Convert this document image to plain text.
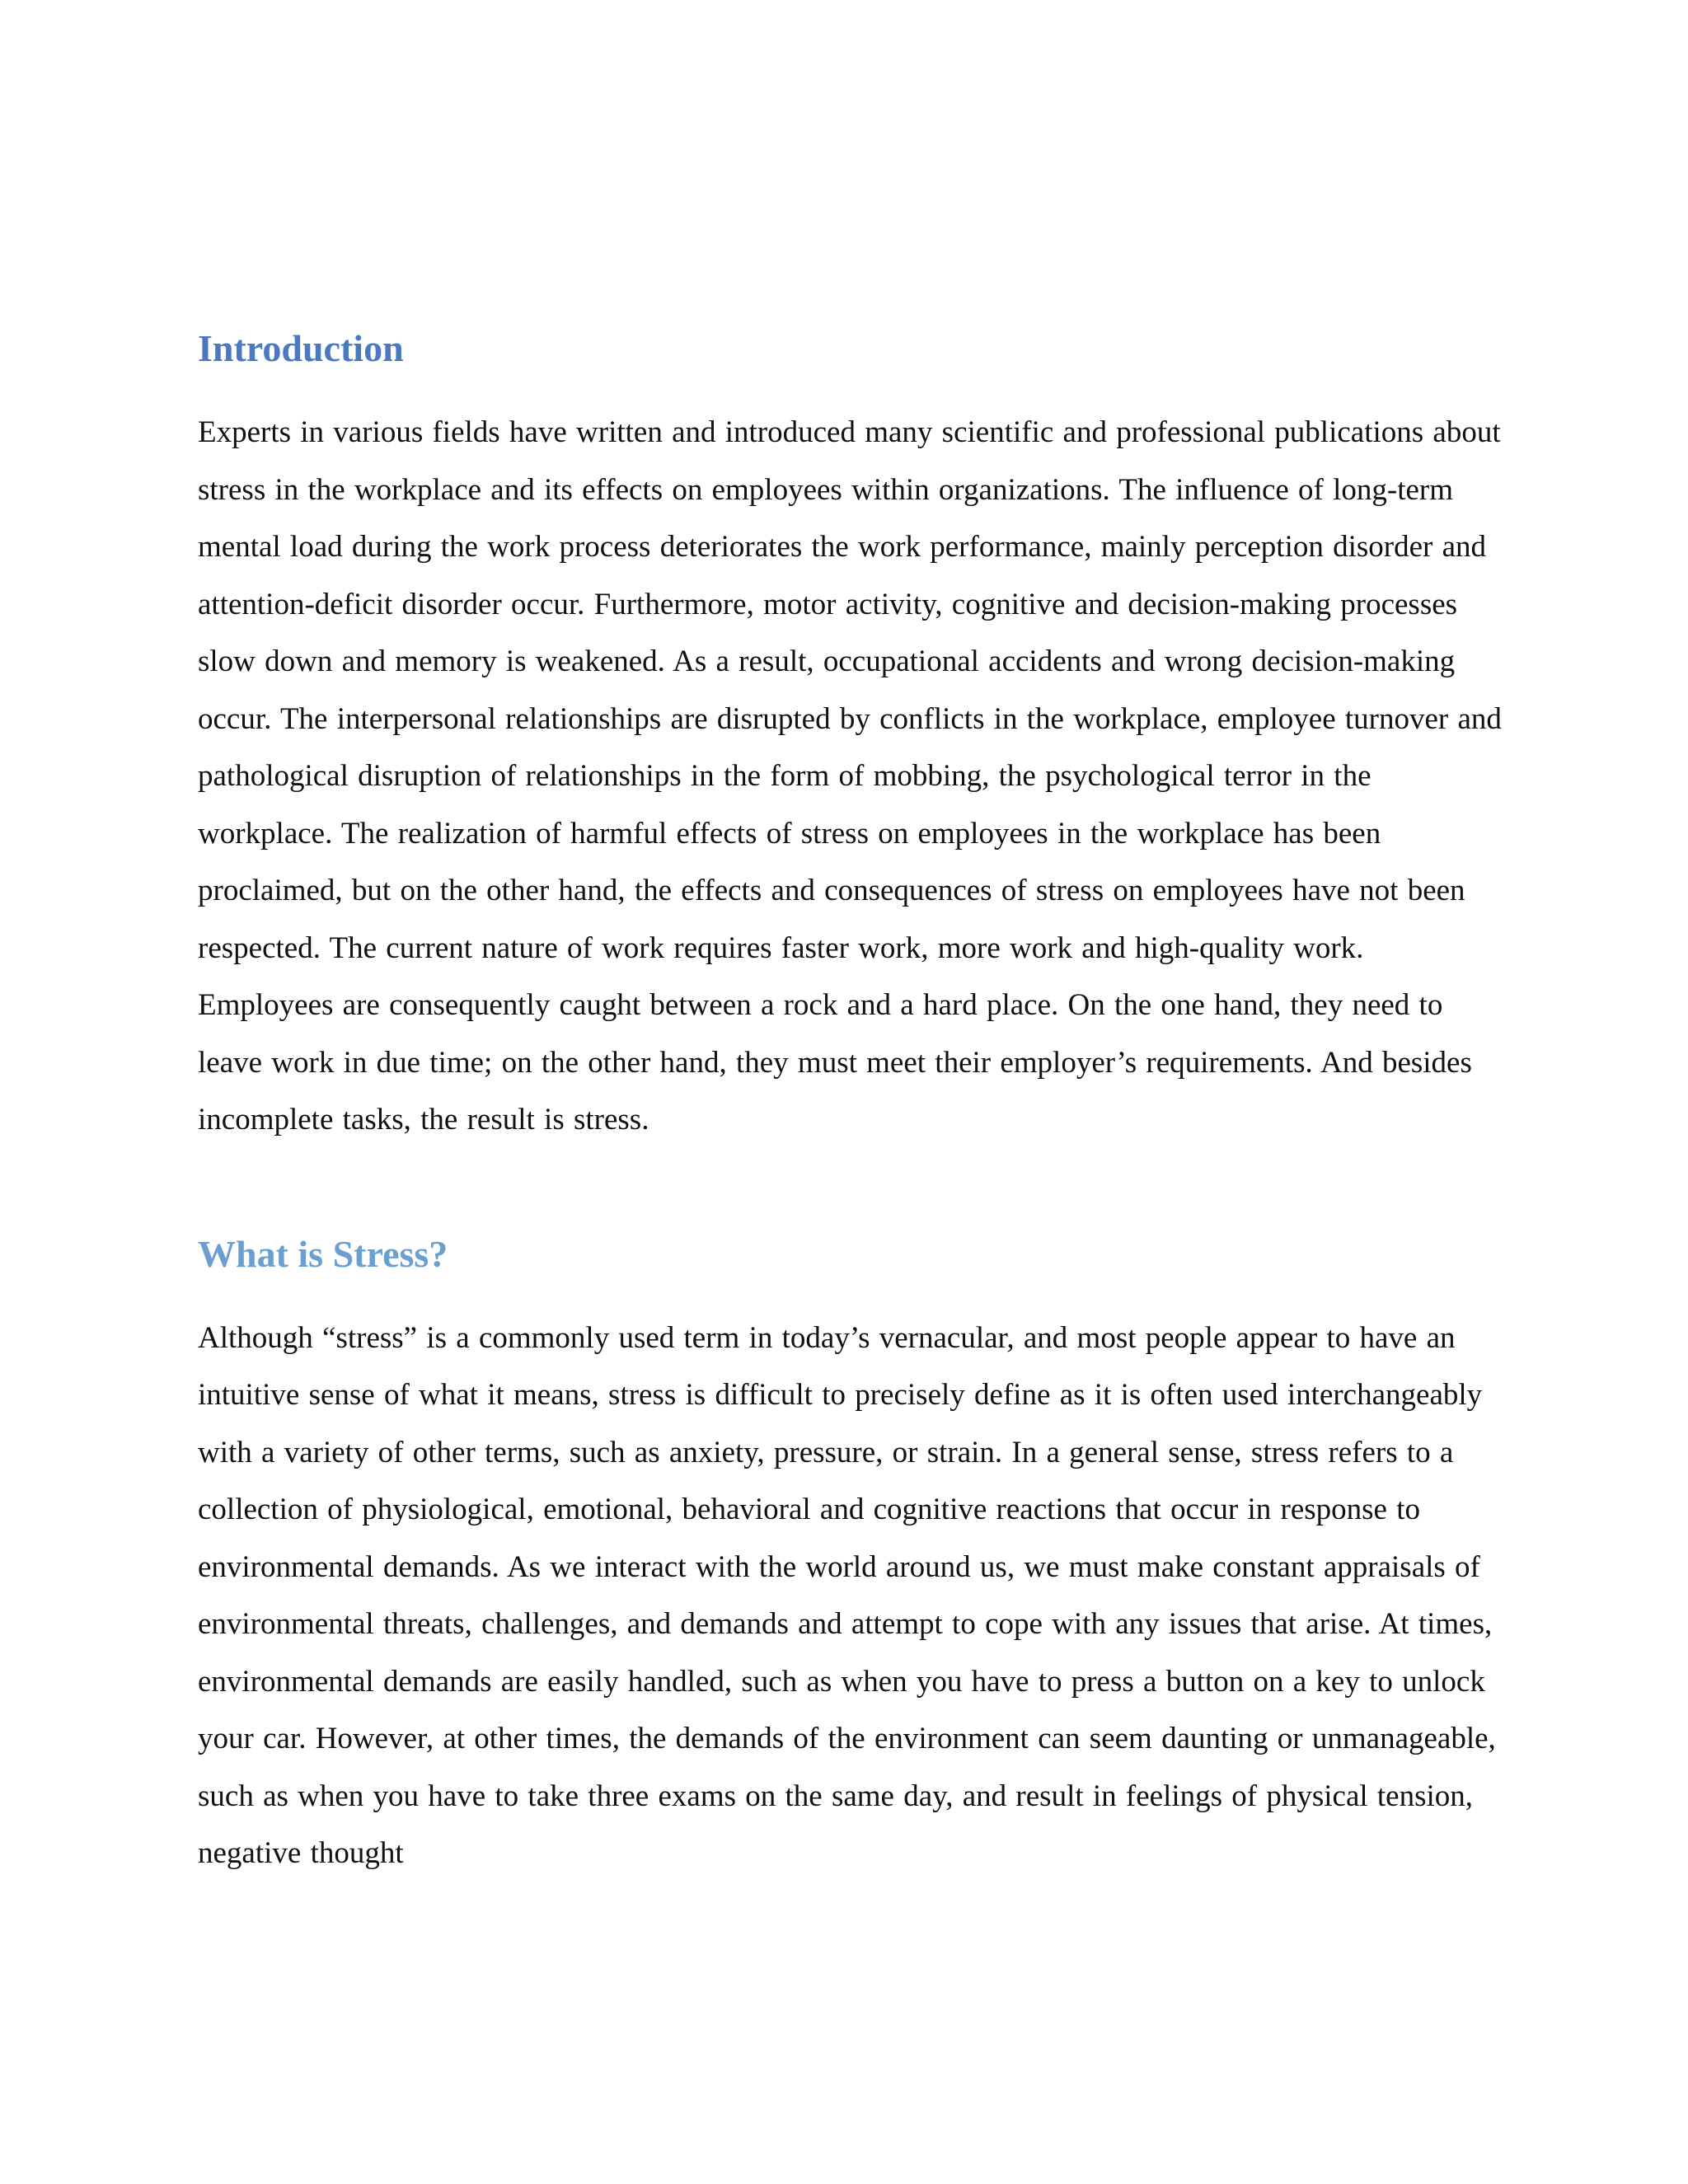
Introduction

Experts in various fields have written and introduced many scientific and professional publications about stress in the workplace and its effects on employees within organizations. The influence of long-term mental load during the work process deteriorates the work performance, mainly perception disorder and attention-deficit disorder occur. Furthermore, motor activity, cognitive and decision-making processes slow down and memory is weakened. As a result, occupational accidents and wrong decision-making occur. The interpersonal relationships are disrupted by conflicts in the workplace, employee turnover and pathological disruption of relationships in the form of mobbing, the psychological terror in the workplace. The realization of harmful effects of stress on employees in the workplace has been proclaimed, but on the other hand, the effects and consequences of stress on employees have not been respected. The current nature of work requires faster work, more work and high-quality work. Employees are consequently caught between a rock and a hard place. On the one hand, they need to leave work in due time; on the other hand, they must meet their employer’s requirements. And besides incomplete tasks, the result is stress.

What is Stress?

Although “stress” is a commonly used term in today’s vernacular, and most people appear to have an intuitive sense of what it means, stress is difficult to precisely define as it is often used interchangeably with a variety of other terms, such as anxiety, pressure, or strain. In a general sense, stress refers to a collection of physiological, emotional, behavioral and cognitive reactions that occur in response to environmental demands. As we interact with the world around us, we must make constant appraisals of environmental threats, challenges, and demands and attempt to cope with any issues that arise. At times, environmental demands are easily handled, such as when you have to press a button on a key to unlock your car. However, at other times, the demands of the environment can seem daunting or unmanageable, such as when you have to take three exams on the same day, and result in feelings of physical tension, negative thought
